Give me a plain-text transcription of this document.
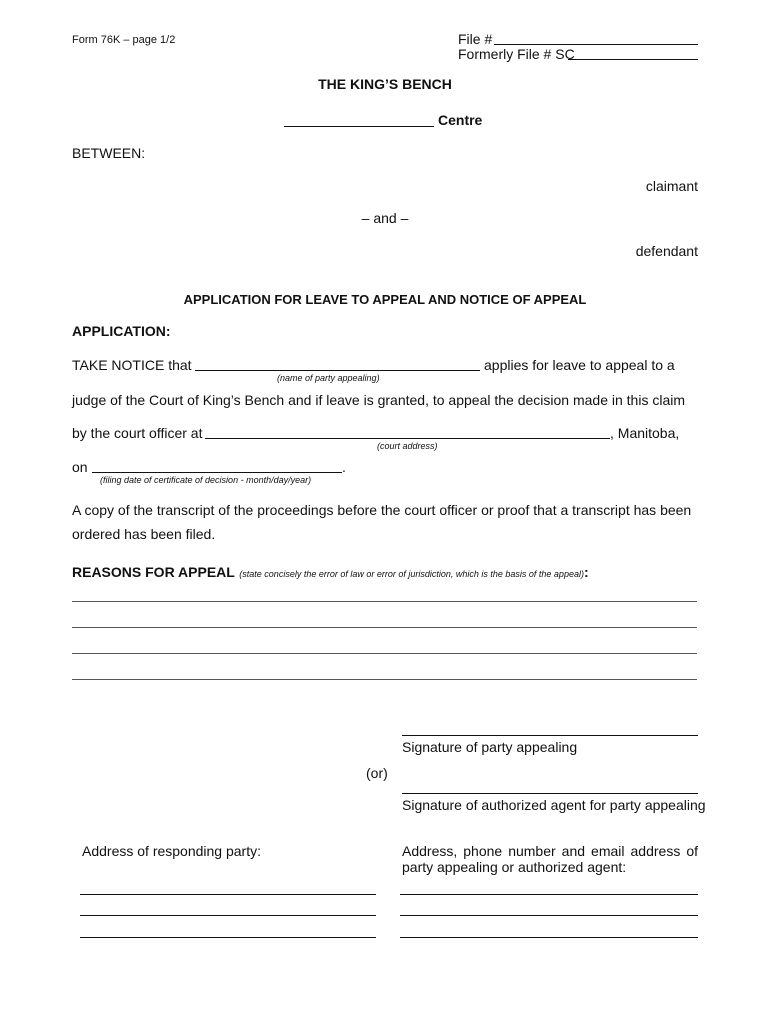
Form 76K – page 1/2	File #
Formerly File # SC
THE KING’S BENCH
Centre
BETWEEN:
claimant
– and –
defendant
APPLICATION FOR LEAVE TO APPEAL AND NOTICE OF APPEAL
APPLICATION:
TAKE NOTICE that	applies for leave to appeal to a
(name of party appealing)
judge of the Court of King’s Bench and if leave is granted, to appeal the decision made in this claim
by the court officer at	, Manitoba,
(court address)
on	.
(filing date of certificate of decision - month/day/year)
A copy of the transcript of the proceedings before the court officer or proof that a transcript has been
ordered has been filed.
REASONS FOR APPEAL (state concisely the error of law or error of jurisdiction, which is the basis of the appeal):
Signature of party appealing
(or)
Signature of authorized agent for party appealing
Address of responding party:	Address, phone number and email address of
party appealing or authorized agent:
